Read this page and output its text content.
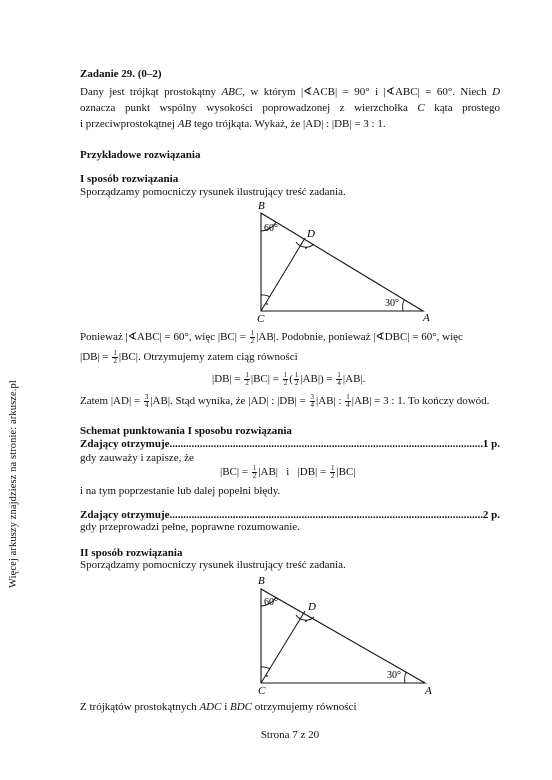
Więcej arkuszy znajdziesz na stronie: arkusze.pl
Zadanie 29. (0–2)
Dany jest trójkąt prostokątny ABC, w którym |∢ACB| = 90° i |∢ABC| = 60°. Niech D
oznacza punkt wspólny wysokości poprowadzonej z wierzchołka C kąta prostego
i przeciwprostokątnej AB tego trójkąta. Wykaż, że |AD| : |DB| = 3 : 1.
Przykładowe rozwiązania
I sposób rozwiązania
Sporządzamy pomocniczy rysunek ilustrujący treść zadania.
B
D
C	A
60°
30°
Ponieważ |∢ABC| = 60°, więc $|BC| = \frac{1}{2} |AB|$. Podobnie, ponieważ |∢DBC| = 60°, więc
$|DB| = \frac{1}{2} |BC|$. Otrzymujemy zatem ciąg równości
$|DB| = \frac{1}{2} |BC| = \frac{1}{2}$ ( $\frac{1}{2} |AB|) = \frac{1}{4} |AB|$.
Zatem $|AD| = \frac{3}{4} |AB|$. Stąd wynika, że |AD| : $|DB| = \frac{3}{4} |AB|$ : $\frac{1}{4} |AB| = 3$ : 1. To kończy dowód.
Schemat punktowania I sposobu rozwiązania
Zdający otrzymuje .....	1 p.
gdy zauważy i zapisze, że
$|BC| = \frac{1}{2} |AB|$ i $|DB| = \frac{1}{2} |BC|$
i na tym poprzestanie lub dalej popełni błędy.
Zdający otrzymuje .....	2 p.
gdy przeprowadzi pełne, poprawne rozumowanie.
II sposób rozwiązania
Sporządzamy pomocniczy rysunek ilustrujący treść zadania.
B
D
C	A
60°
30°
Z trójkątów prostokątnych ADC i BDC otrzymujemy równości
Strona 7 z 20
